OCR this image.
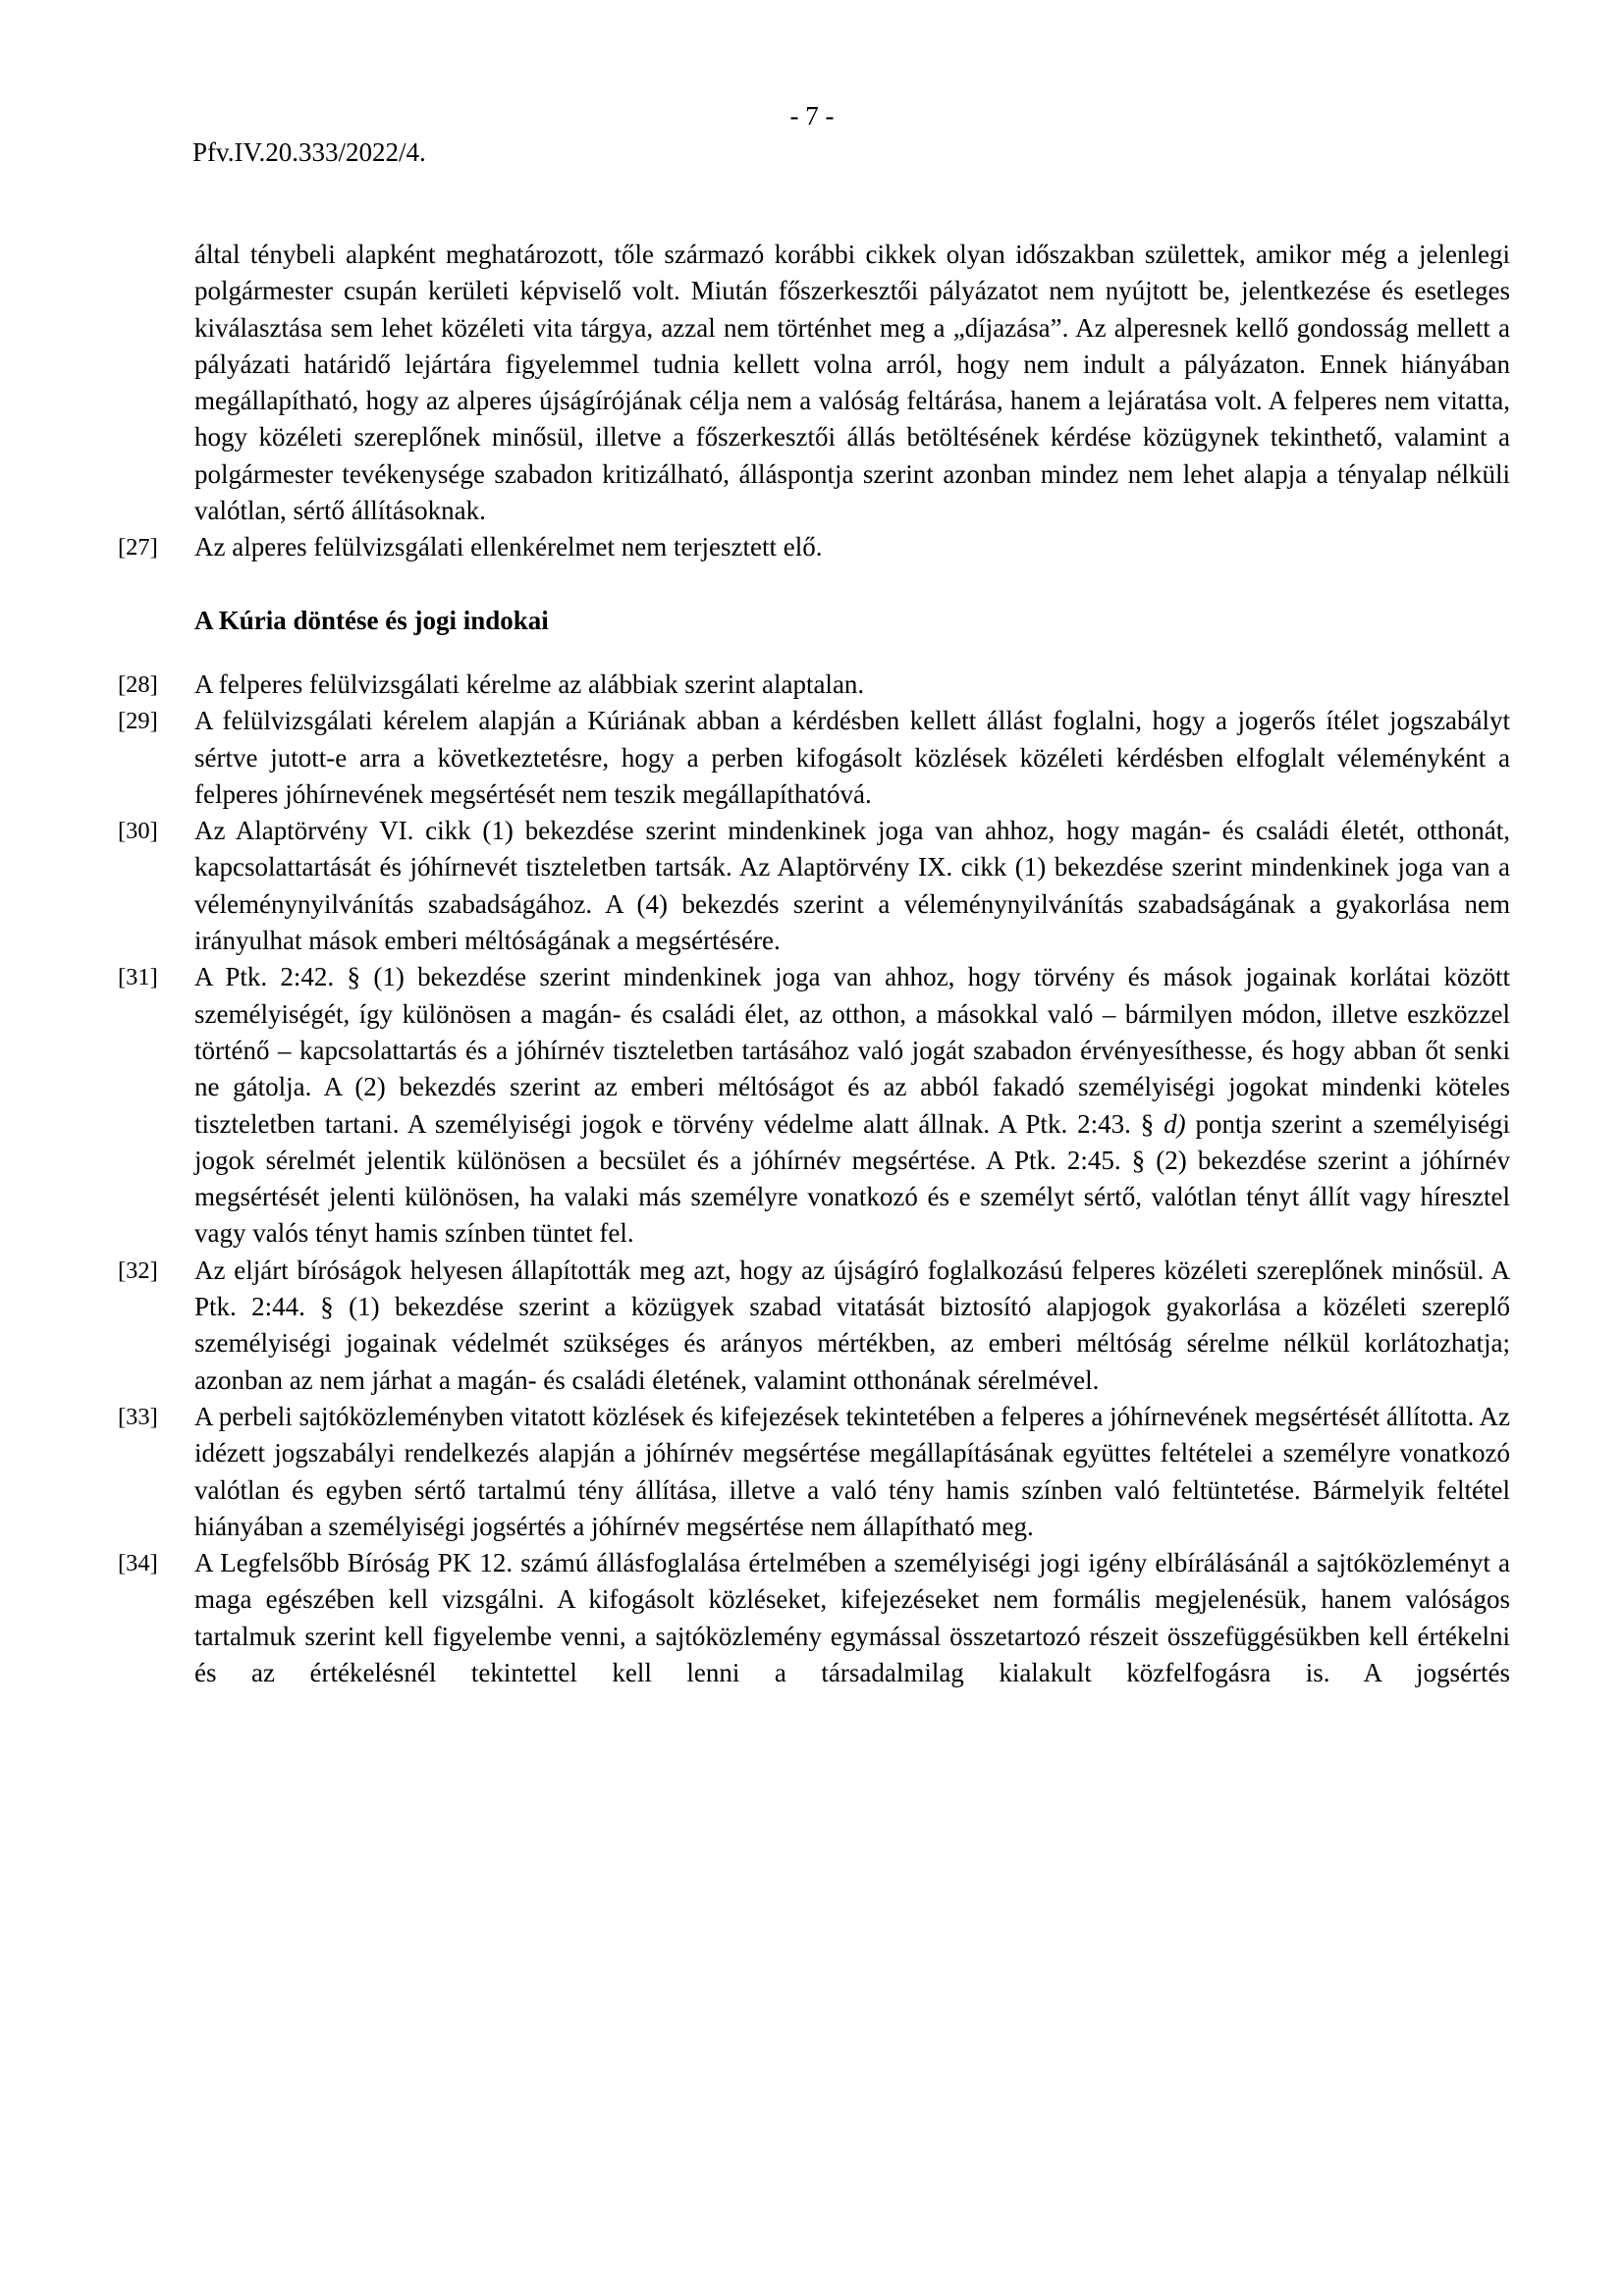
- 7 -
Pfv.IV.20.333/2022/4.
által ténybeli alapként meghatározott, tőle származó korábbi cikkek olyan időszakban születtek, amikor még a jelenlegi polgármester csupán kerületi képviselő volt. Miután főszerkesztői pályázatot nem nyújtott be, jelentkezése és esetleges kiválasztása sem lehet közéleti vita tárgya, azzal nem történhet meg a „díjazása”. Az alperesnek kellő gondosság mellett a pályázati határidő lejártára figyelemmel tudnia kellett volna arról, hogy nem indult a pályázaton. Ennek hiányában megállapítható, hogy az alperes újságírójának célja nem a valóság feltárása, hanem a lejáratása volt. A felperes nem vitatta, hogy közéleti szereplőnek minősül, illetve a főszerkesztői állás betöltésének kérdése közügynek tekinthető, valamint a polgármester tevékenysége szabadon kritizálható, álláspontja szerint azonban mindez nem lehet alapja a tényalap nélküli valótlan, sértő állításoknak.
[27]	Az alperes felülvizsgálati ellenkérelmet nem terjesztett elő.
A Kúria döntése és jogi indokai
[28]	A felperes felülvizsgálati kérelme az alábbiak szerint alaptalan.
[29]	A felülvizsgálati kérelem alapján a Kúriának abban a kérdésben kellett állást foglalni, hogy a jogerős ítélet jogszabályt sértve jutott-e arra a következtetésre, hogy a perben kifogásolt közlések közéleti kérdésben elfoglalt véleményként a felperes jóhírnevének megsértését nem teszik megállapíthatóvá.
[30]	Az Alaptörvény VI. cikk (1) bekezdése szerint mindenkinek joga van ahhoz, hogy magán- és családi életét, otthonát, kapcsolattartását és jóhírnevét tiszteletben tartsák. Az Alaptörvény IX. cikk (1) bekezdése szerint mindenkinek joga van a véleménynyilvánítás szabadságához. A (4) bekezdés szerint a véleménynyilvánítás szabadságának a gyakorlása nem irányulhat mások emberi méltóságának a megsértésére.
[31]	A Ptk. 2:42. § (1) bekezdése szerint mindenkinek joga van ahhoz, hogy törvény és mások jogainak korlátai között személyiségét, így különösen a magán- és családi élet, az otthon, a másokkal való – bármilyen módon, illetve eszközzel történő – kapcsolattartás és a jóhírnév tiszteletben tartásához való jogát szabadon érvényesíthesse, és hogy abban őt senki ne gátolja. A (2) bekezdés szerint az emberi méltóságot és az abból fakadó személyiségi jogokat mindenki köteles tiszteletben tartani. A személyiségi jogok e törvény védelme alatt állnak. A Ptk. 2:43. § d) pontja szerint a személyiségi jogok sérelmét jelentik különösen a becsület és a jóhírnév megsértése. A Ptk. 2:45. § (2) bekezdése szerint a jóhírnév megsértését jelenti különösen, ha valaki más személyre vonatkozó és e személyt sértő, valótlan tényt állít vagy híresztel vagy valós tényt hamis színben tüntet fel.
[32]	Az eljárt bíróságok helyesen állapították meg azt, hogy az újságíró foglalkozású felperes közéleti szereplőnek minősül. A Ptk. 2:44. § (1) bekezdése szerint a közügyek szabad vitatását biztosító alapjogok gyakorlása a közéleti szereplő személyiségi jogainak védelmét szükséges és arányos mértékben, az emberi méltóság sérelme nélkül korlátozhatja; azonban az nem járhat a magán- és családi életének, valamint otthonának sérelmével.
[33]	A perbeli sajtóközleményben vitatott közlések és kifejezések tekintetében a felperes a jóhírnevének megsértését állította. Az idézett jogszabályi rendelkezés alapján a jóhírnév megsértése megállapításának együttes feltételei a személyre vonatkozó valótlan és egyben sértő tartalmú tény állítása, illetve a való tény hamis színben való feltüntetése. Bármelyik feltétel hiányában a személyiségi jogsértés a jóhírnév megsértése nem állapítható meg.
[34]	A Legfelsőbb Bíróság PK 12. számú állásfoglalása értelmében a személyiségi jogi igény elbírálásánál a sajtóközleményt a maga egészében kell vizsgálni. A kifogásolt közléseket, kifejezéseket nem formális megjelenésük, hanem valóságos tartalmuk szerint kell figyelembe venni, a sajtóközlemény egymással összetartozó részeit összefüggésükben kell értékelni és az értékelésnél tekintettel kell lenni a társadalmilag kialakult közfelfogásra is. A jogsértés
